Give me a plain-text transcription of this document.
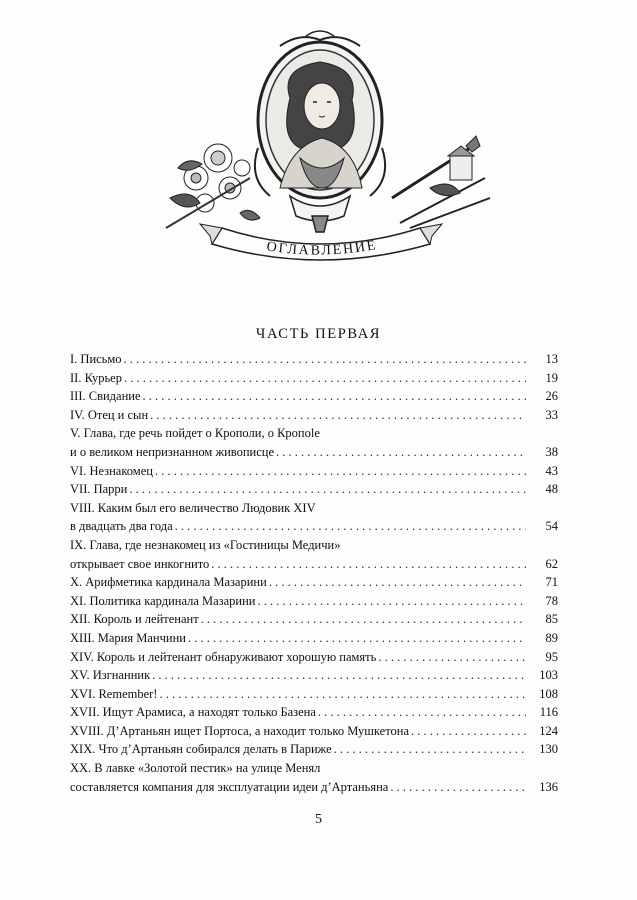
ОГЛАВЛЕНИЕ
ЧАСТЬ ПЕРВАЯ
I. Письмо . . .	13
II. Курьер . . .	19
III. Свидание . . .	26
IV. Отец и сын . . .	33
V. Глава, где речь пойдет о Крополи, о Кропole
и о великом непризнанном живописце . . .	38
VI. Незнакомец . . .	43
VII. Парри . . .	48
VIII. Каким был его величество Людовик XIV
в двадцать два года . . .	54
IX. Глава, где незнакомец из «Гостиницы Медичи»
открывает свое инкогнито . . .	62
X. Арифметика кардинала Мазарини . . .	71
XI. Политика кардинала Мазарини . . .	78
XII. Король и лейтенант . . .	85
XIII. Мария Манчини . . .	89
XIV. Король и лейтенант обнаруживают хорошую память . . .	95
XV. Изгнанник . . .	103
XVI. Remember! . . .	108
XVII. Ищут Арамиса, а находят только Базена . . .	116
XVIII. Д’Артаньян ищет Портоса, а находит только Мушкетона . . .	124
XIX. Что д’Артаньян собирался делать в Париже . . .	130
XX. В лавке «Золотой пестик» на улице Менял
составляется компания для эксплуатации идеи д’Артаньяна . . .	136
5
